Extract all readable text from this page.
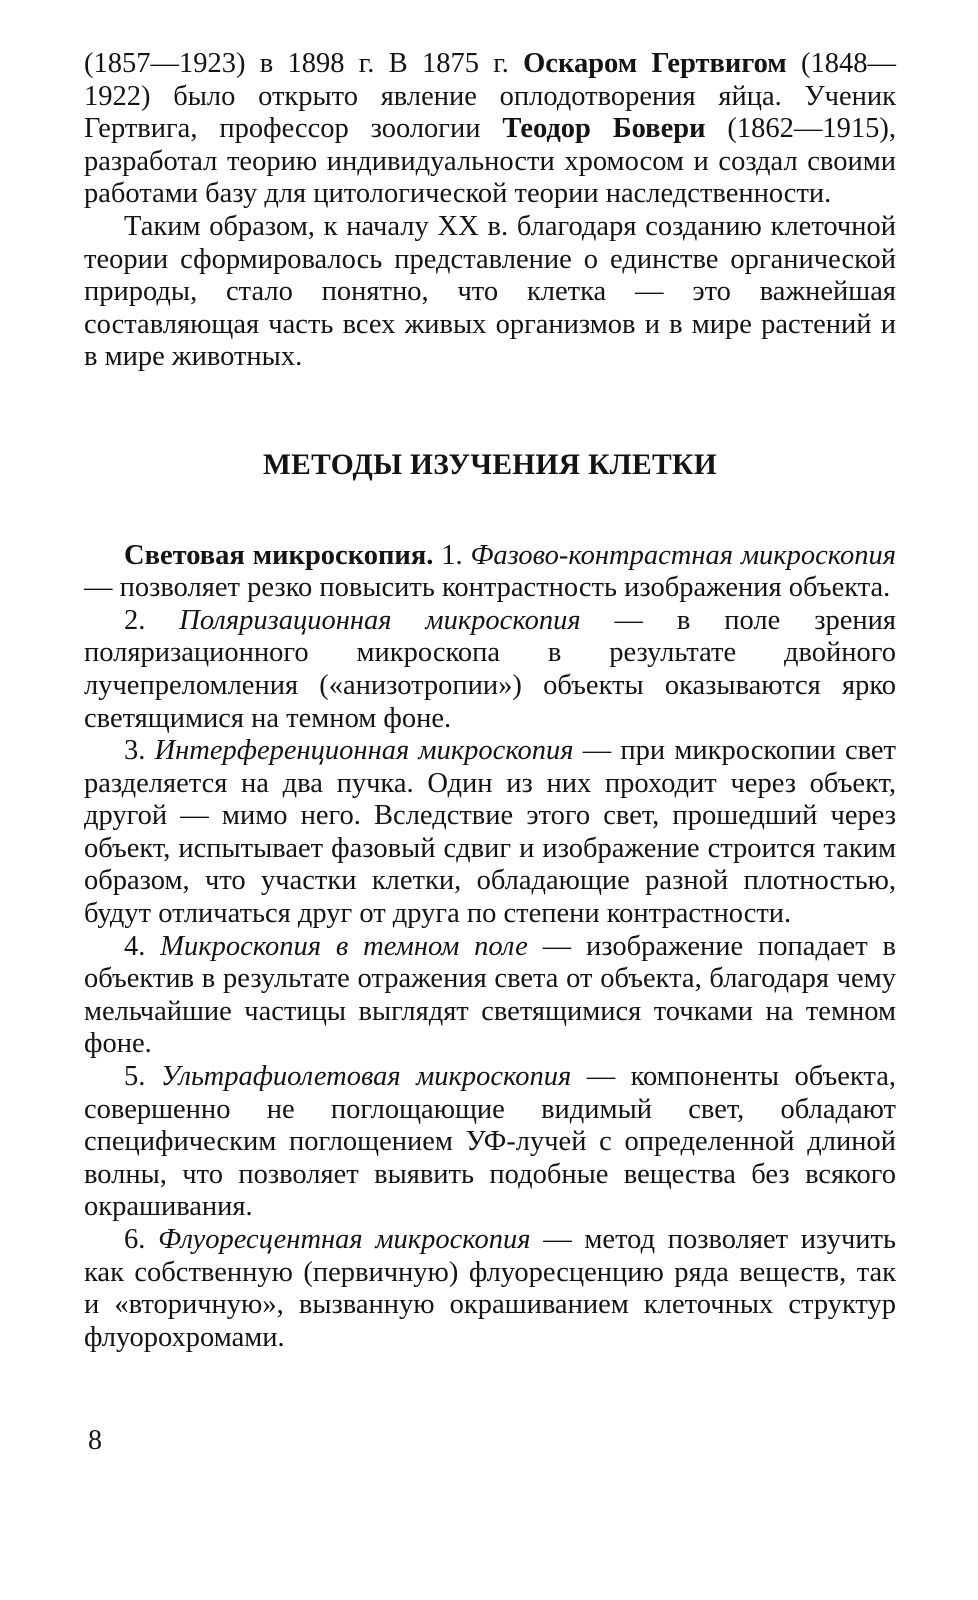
(1857—1923) в 1898 г. В 1875 г. Оскаром Гертвигом (1848—1922) было открыто явление оплодотворения яйца. Ученик Гертвига, профессор зоологии Теодор Бовери (1862—1915), разработал теорию индивидуальности хромосом и создал своими работами базу для цитологической теории наследственности.

Таким образом, к началу XX в. благодаря созданию клеточной теории сформировалось представление о единстве органической природы, стало понятно, что клетка — это важнейшая составляющая часть всех живых организмов и в мире растений и в мире животных.

МЕТОДЫ ИЗУЧЕНИЯ КЛЕТКИ

Световая микроскопия. 1. Фазово-контрастная микроскопия — позволяет резко повысить контрастность изображения объекта.

2. Поляризационная микроскопия — в поле зрения поляризационного микроскопа в результате двойного лучепреломления («анизотропии») объекты оказываются ярко светящимися на темном фоне.

3. Интерференционная микроскопия — при микроскопии свет разделяется на два пучка. Один из них проходит через объект, другой — мимо него. Вследствие этого свет, прошедший через объект, испытывает фазовый сдвиг и изображение строится таким образом, что участки клетки, обладающие разной плотностью, будут отличаться друг от друга по степени контрастности.

4. Микроскопия в темном поле — изображение попадает в объектив в результате отражения света от объекта, благодаря чему мельчайшие частицы выглядят светящимися точками на темном фоне.

5. Ультрафиолетовая микроскопия — компоненты объекта, совершенно не поглощающие видимый свет, обладают специфическим поглощением УФ-лучей с определенной длиной волны, что позволяет выявить подобные вещества без всякого окрашивания.

6. Флуоресцентная микроскопия — метод позволяет изучить как собственную (первичную) флуоресценцию ряда веществ, так и «вторичную», вызванную окрашиванием клеточных структур флуорохромами.

8
